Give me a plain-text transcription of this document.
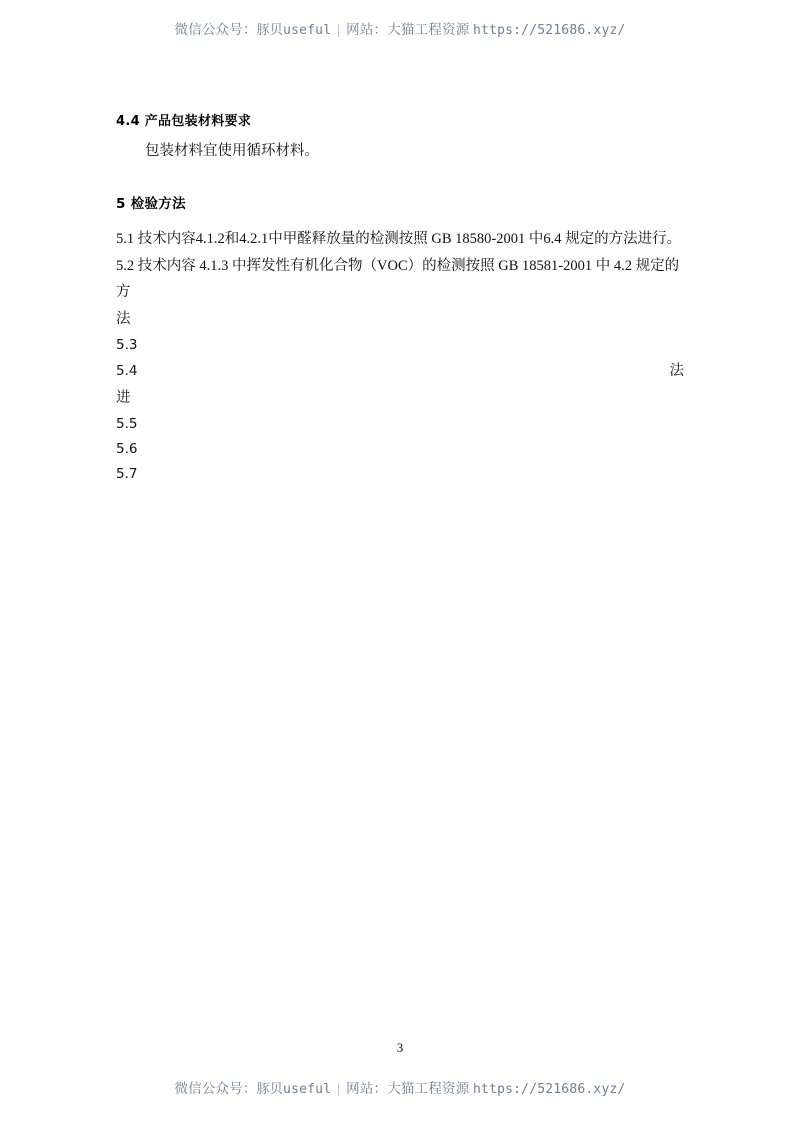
微信公众号：豚贝useful | 网站：大猫工程资源 https://521686.xyz/
4.4 产品包装材料要求
包装材料宜使用循环材料。
5 检验方法
5.1 技术内容4.1.2和4.2.1中甲醛释放量的检测按照 GB 18580-2001 中6.4 规定的方法进行。
5.2 技术内容 4.1.3 中挥发性有机化合物（VOC）的检测按照 GB 18581-2001 中 4.2 规定的方
法
5.3
5.4	法
进
5.5
5.6
5.7
3
微信公众号：豚贝useful | 网站：大猫工程资源 https://521686.xyz/
